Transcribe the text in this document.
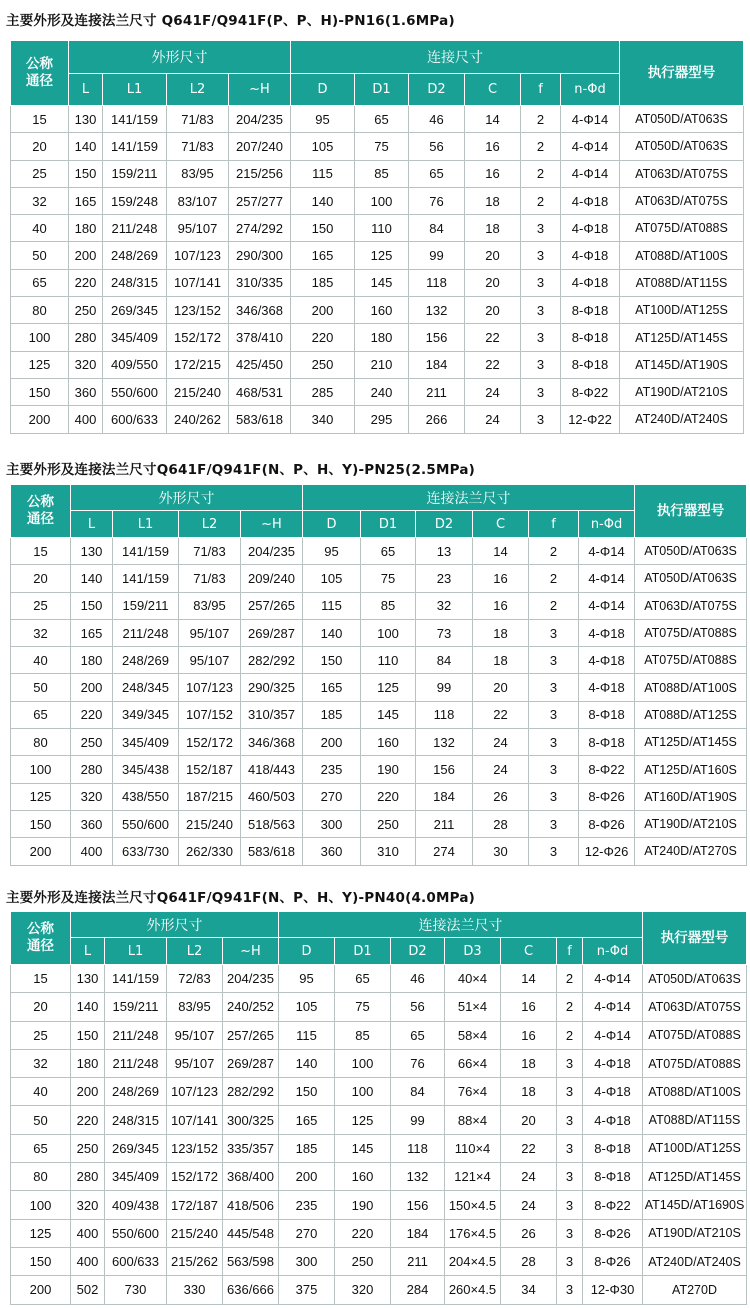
主要外形及连接法兰尺寸 Q641F/Q941F(P、P、H)-PN16(1.6MPa)
公称
通径	外形尺寸				连接尺寸						执行器型号
	L	L1	L2	~H	D	D1	D2	C	f	n-Φd	
15	130	141/159	71/83	204/235	95	65	46	14	2	4-Φ14	AT050D/AT063S
20	140	141/159	71/83	207/240	105	75	56	16	2	4-Φ14	AT050D/AT063S
25	150	159/211	83/95	215/256	115	85	65	16	2	4-Φ14	AT063D/AT075S
32	165	159/248	83/107	257/277	140	100	76	18	2	4-Φ18	AT063D/AT075S
40	180	211/248	95/107	274/292	150	110	84	18	3	4-Φ18	AT075D/AT088S
50	200	248/269	107/123	290/300	165	125	99	20	3	4-Φ18	AT088D/AT100S
65	220	248/315	107/141	310/335	185	145	118	20	3	4-Φ18	AT088D/AT115S
80	250	269/345	123/152	346/368	200	160	132	20	3	8-Φ18	AT100D/AT125S
100	280	345/409	152/172	378/410	220	180	156	22	3	8-Φ18	AT125D/AT145S
125	320	409/550	172/215	425/450	250	210	184	22	3	8-Φ18	AT145D/AT190S
150	360	550/600	215/240	468/531	285	240	211	24	3	8-Φ22	AT190D/AT210S
200	400	600/633	240/262	583/618	340	295	266	24	3	12-Φ22	AT240D/AT240S
主要外形及连接法兰尺寸Q641F/Q941F(N、P、H、Y)-PN25(2.5MPa)
公称
通径	外形尺寸				连接法兰尺寸						执行器型号
	L	L1	L2	~H	D	D1	D2	C	f	n-Φd	
15	130	141/159	71/83	204/235	95	65	13	14	2	4-Φ14	AT050D/AT063S
20	140	141/159	71/83	209/240	105	75	23	16	2	4-Φ14	AT050D/AT063S
25	150	159/211	83/95	257/265	115	85	32	16	2	4-Φ14	AT063D/AT075S
32	165	211/248	95/107	269/287	140	100	73	18	3	4-Φ18	AT075D/AT088S
40	180	248/269	95/107	282/292	150	110	84	18	3	4-Φ18	AT075D/AT088S
50	200	248/345	107/123	290/325	165	125	99	20	3	4-Φ18	AT088D/AT100S
65	220	349/345	107/152	310/357	185	145	118	22	3	8-Φ18	AT088D/AT125S
80	250	345/409	152/172	346/368	200	160	132	24	3	8-Φ18	AT125D/AT145S
100	280	345/438	152/187	418/443	235	190	156	24	3	8-Φ22	AT125D/AT160S
125	320	438/550	187/215	460/503	270	220	184	26	3	8-Φ26	AT160D/AT190S
150	360	550/600	215/240	518/563	300	250	211	28	3	8-Φ26	AT190D/AT210S
200	400	633/730	262/330	583/618	360	310	274	30	3	12-Φ26	AT240D/AT270S
主要外形及连接法兰尺寸Q641F/Q941F(N、P、H、Y)-PN40(4.0MPa)
公称
通径	外形尺寸				连接法兰尺寸							执行器型号
	L	L1	L2	~H	D	D1	D2	D3	C	f	n-Φd	
15	130	141/159	72/83	204/235	95	65	46	40×4	14	2	4-Φ14	AT050D/AT063S
20	140	159/211	83/95	240/252	105	75	56	51×4	16	2	4-Φ14	AT063D/AT075S
25	150	211/248	95/107	257/265	115	85	65	58×4	16	2	4-Φ14	AT075D/AT088S
32	180	211/248	95/107	269/287	140	100	76	66×4	18	3	4-Φ18	AT075D/AT088S
40	200	248/269	107/123	282/292	150	100	84	76×4	18	3	4-Φ18	AT088D/AT100S
50	220	248/315	107/141	300/325	165	125	99	88×4	20	3	4-Φ18	AT088D/AT115S
65	250	269/345	123/152	335/357	185	145	118	110×4	22	3	8-Φ18	AT100D/AT125S
80	280	345/409	152/172	368/400	200	160	132	121×4	24	3	8-Φ18	AT125D/AT145S
100	320	409/438	172/187	418/506	235	190	156	150×4.5	24	3	8-Φ22	AT145D/AT1690S
125	400	550/600	215/240	445/548	270	220	184	176×4.5	26	3	8-Φ26	AT190D/AT210S
150	400	600/633	215/262	563/598	300	250	211	204×4.5	28	3	8-Φ26	AT240D/AT240S
200	502	730	330	636/666	375	320	284	260×4.5	34	3	12-Φ30	AT270D
